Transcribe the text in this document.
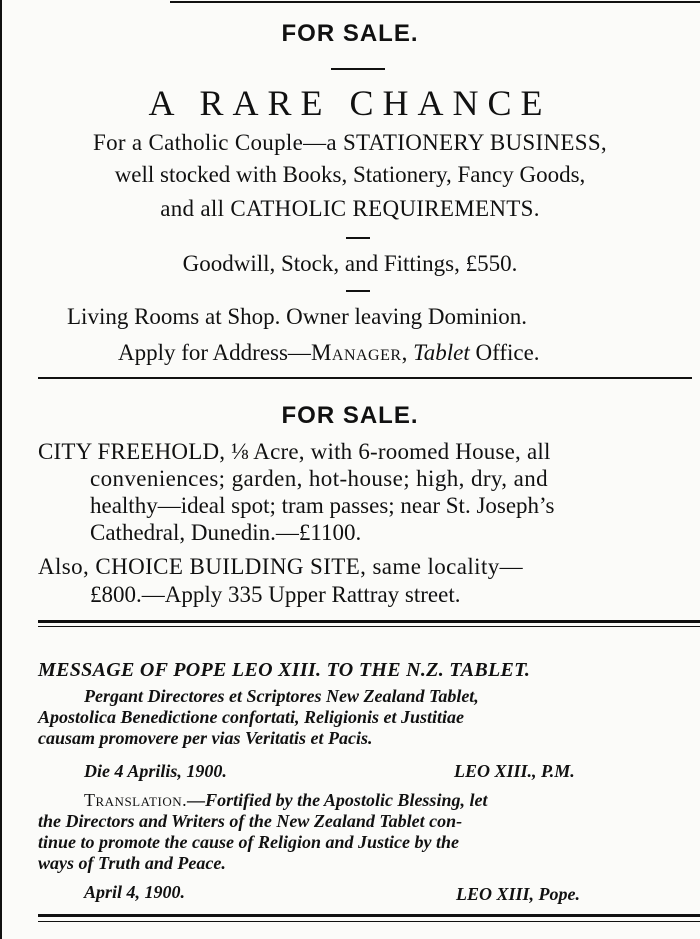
FOR SALE.
A RARE CHANCE
For a Catholic Couple—a STATIONERY BUSINESS,
well stocked with Books, Stationery, Fancy Goods,
and all CATHOLIC REQUIREMENTS.
Goodwill, Stock, and Fittings, £550.
Living Rooms at Shop. Owner leaving Dominion.
Apply for Address—Manager, Tablet Office.
FOR SALE.
CITY FREEHOLD, ⅛ Acre, with 6-roomed House, all
conveniences; garden, hot-house; high, dry, and
healthy—ideal spot; tram passes; near St. Joseph’s
Cathedral, Dunedin.—£1100.
Also, CHOICE BUILDING SITE, same locality—
£800.—Apply 335 Upper Rattray street.
MESSAGE OF POPE LEO XIII. TO THE N.Z. TABLET.
Pergant Directores et Scriptores New Zealand Tablet,
Apostolica Benedictione confortati, Religionis et Justitiae
causam promovere per vias Veritatis et Pacis.
Die 4 Aprilis, 1900.	LEO XIII., P.M.
Translation.—Fortified by the Apostolic Blessing, let
the Directors and Writers of the New Zealand Tablet con-
tinue to promote the cause of Religion and Justice by the
ways of Truth and Peace.
April 4, 1900.	LEO XIII, Pope.
